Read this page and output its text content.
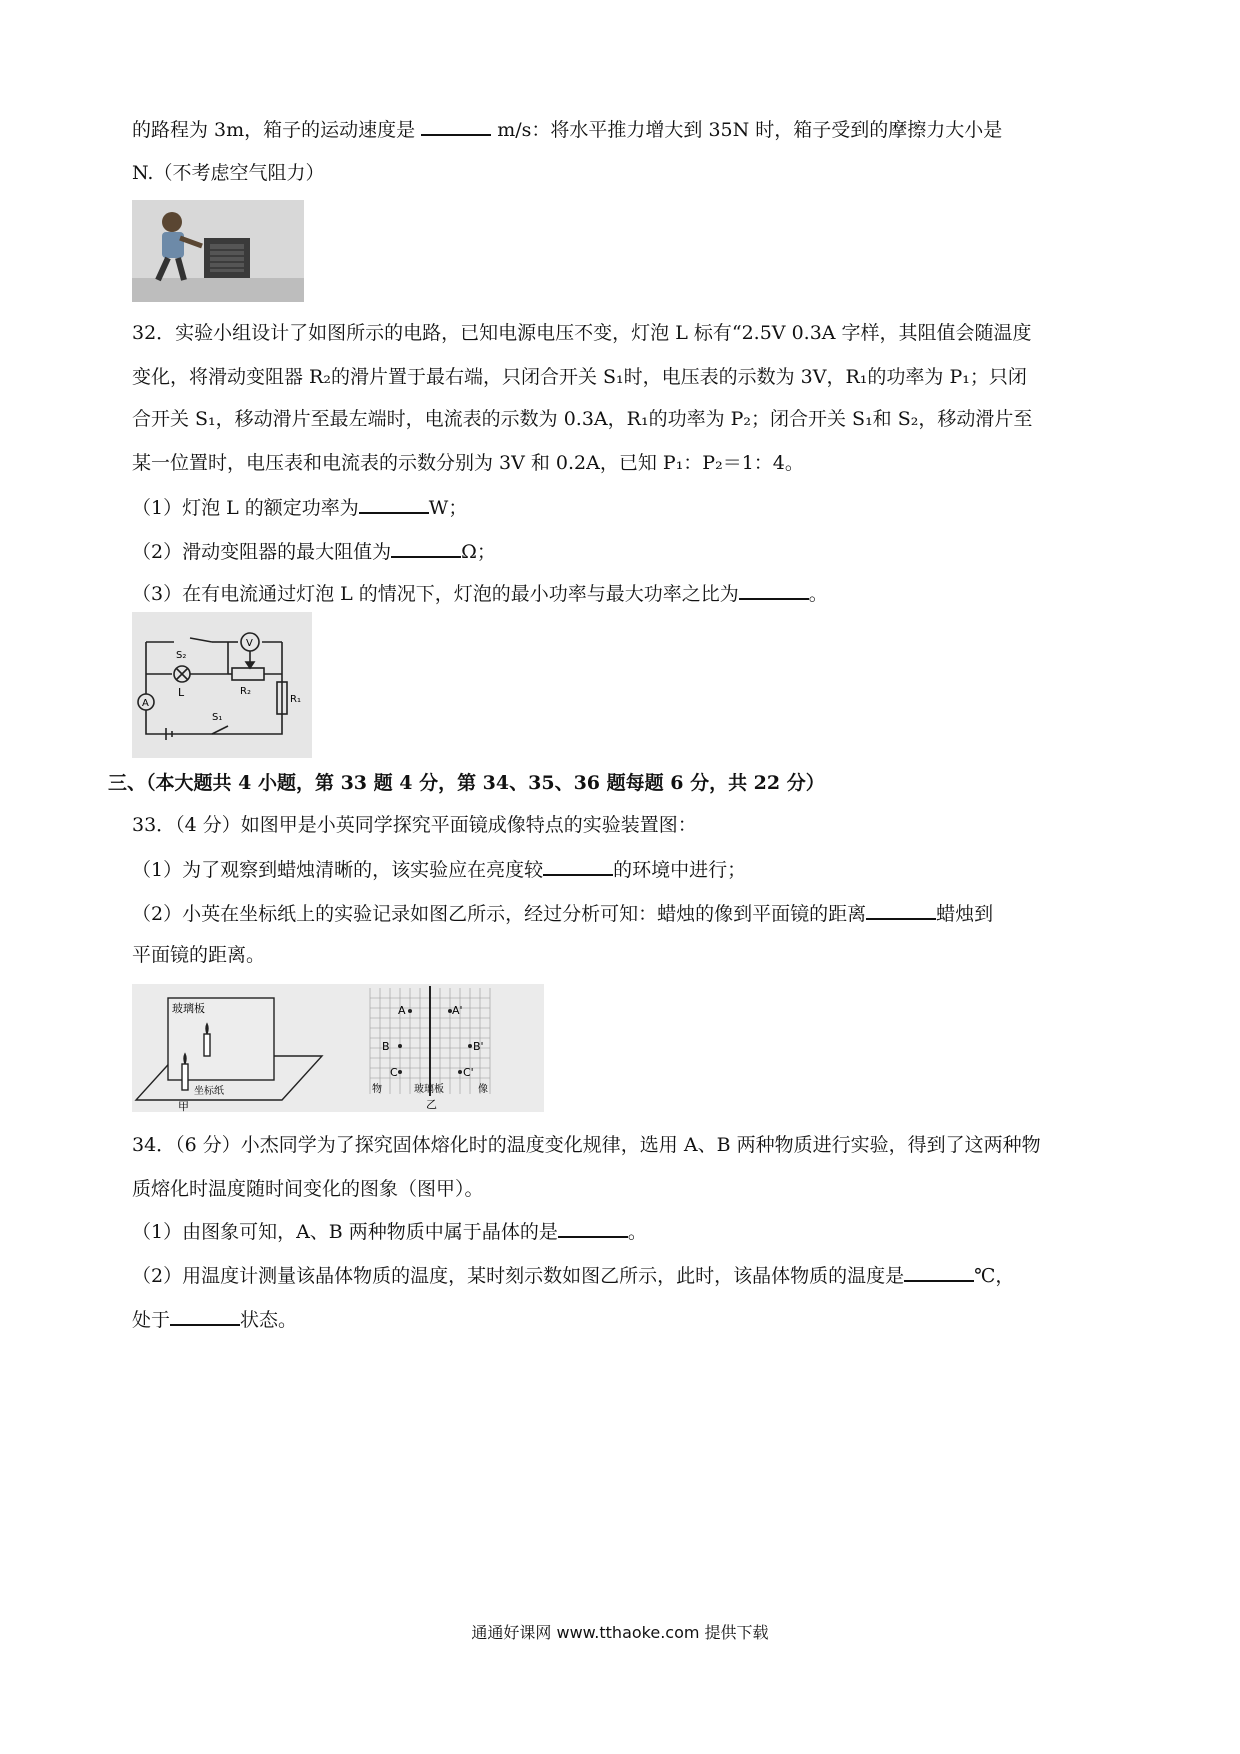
的路程为 3m，箱子的运动速度是	m/s：将水平推力增大到 35N 时，箱子受到的摩擦力大小是
N.（不考虑空气阻力）
32．实验小组设计了如图所示的电路，已知电源电压不变，灯泡 L 标有“2.5V 0.3A 字样，其阻值会随温度
变化，将滑动变阻器 R₂的滑片置于最右端，只闭合开关 S₁时，电压表的示数为 3V，R₁的功率为 P₁；只闭
合开关 S₁，移动滑片至最左端时，电流表的示数为 0.3A，R₁的功率为 P₂；闭合开关 S₁和 S₂，移动滑片至
某一位置时，电压表和电流表的示数分别为 3V 和 0.2A，已知 P₁：P₂＝1：4。
（1）灯泡 L 的额定功率为	W；
（2）滑动变阻器的最大阻值为	Ω；
（3）在有电流通过灯泡 L 的情况下，灯泡的最小功率与最大功率之比为	。
S₂
V
L	R₂
R₁
A
S₁
三、（本大题共 4 小题，第 33 题 4 分，第 34、35、36 题每题 6 分，共 22 分）
33．（4 分）如图甲是小英同学探究平面镜成像特点的实验装置图：
（1）为了观察到蜡烛清晰的，该实验应在亮度较	的环境中进行；
（2）小英在坐标纸上的实验记录如图乙所示，经过分析可知：蜡烛的像到平面镜的距离	蜡烛到
平面镜的距离。
玻璃板
坐标纸
甲
A	A'
B	B'
C	C'
物	玻璃板	像
乙
34．（6 分）小杰同学为了探究固体熔化时的温度变化规律，选用 A、B 两种物质进行实验，得到了这两种物
质熔化时温度随时间变化的图象（图甲）。
（1）由图象可知，A、B 两种物质中属于晶体的是	。
（2）用温度计测量该晶体物质的温度，某时刻示数如图乙所示，此时，该晶体物质的温度是	℃，
处于	状态。
通通好课网 www.tthaoke.com 提供下载
